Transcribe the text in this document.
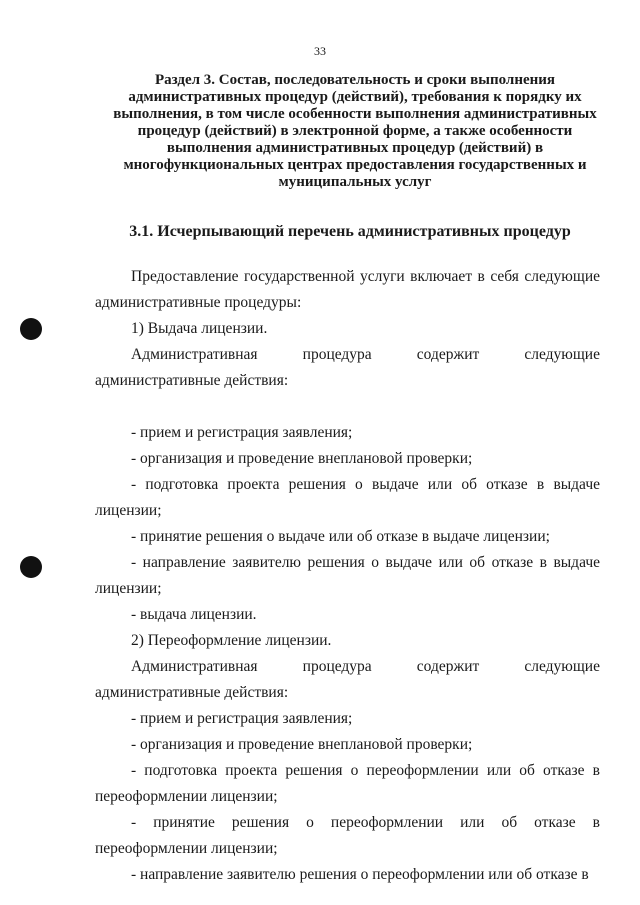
33
Раздел 3. Состав, последовательность и сроки выполнения административных процедур (действий), требования к порядку их выполнения, в том числе особенности выполнения административных процедур (действий) в электронной форме, а также особенности выполнения административных процедур (действий) в многофункциональных центрах предоставления государственных и муниципальных услуг
3.1. Исчерпывающий перечень административных процедур

Предоставление государственной услуги включает в себя следующие административные процедуры:

1) Выдача лицензии.

Административная процедура содержит следующие административные действия:

- прием и регистрация заявления;

- организация и проведение внеплановой проверки;

- подготовка проекта решения о выдаче или об отказе в выдаче лицензии;

- принятие решения о выдаче или об отказе в выдаче лицензии;

- направление заявителю решения о выдаче или об отказе в выдаче лицензии;

- выдача лицензии.

2) Переоформление лицензии.

Административная процедура содержит следующие административные действия:

- прием и регистрация заявления;

- организация и проведение внеплановой проверки;

- подготовка проекта решения о переоформлении или об отказе в переоформлении лицензии;

- принятие решения о переоформлении или об отказе в переоформлении лицензии;

- направление заявителю решения о переоформлении или об отказе в
